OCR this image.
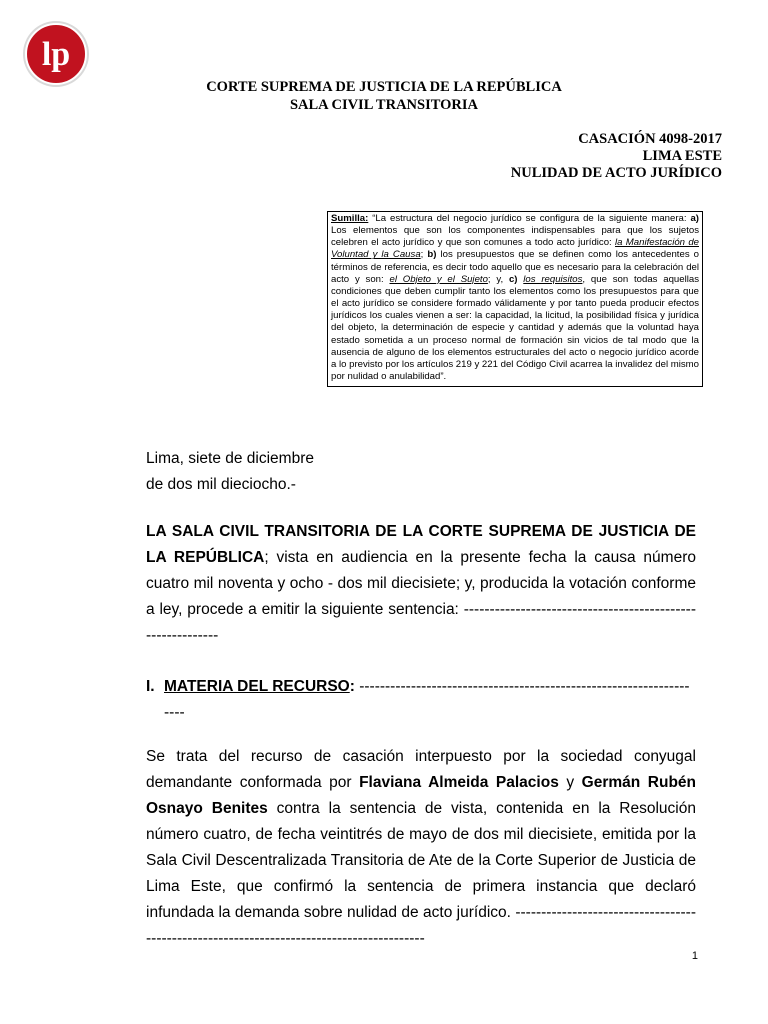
lp
CORTE SUPREMA DE JUSTICIA DE LA REPÚBLICA
SALA CIVIL TRANSITORIA
CASACIÓN 4098-2017
LIMA ESTE
NULIDAD DE ACTO JURÍDICO
Sumilla: “La estructura del negocio jurídico se configura de la siguiente manera: a) Los elementos que son los componentes indispensables para que los sujetos celebren el acto jurídico y que son comunes a todo acto jurídico: la Manifestación de Voluntad y la Causa; b) los presupuestos que se definen como los antecedentes o términos de referencia, es decir todo aquello que es necesario para la celebración del acto y son: el Objeto y el Sujeto; y, c) los requisitos, que son todas aquellas condiciones que deben cumplir tanto los elementos como los presupuestos para que el acto jurídico se considere formado válidamente y por tanto pueda producir efectos jurídicos los cuales vienen a ser: la capacidad, la licitud, la posibilidad física y jurídica del objeto, la determinación de especie y cantidad y además que la voluntad haya estado sometida a un proceso normal de formación sin vicios de tal modo que la ausencia de alguno de los elementos estructurales del acto o negocio jurídico acorde a lo previsto por los artículos 219 y 221 del Código Civil acarrea la invalidez del mismo por nulidad o anulabilidad”.
Lima, siete de diciembre
de dos mil dieciocho.-
LA SALA CIVIL TRANSITORIA DE LA CORTE SUPREMA DE JUSTICIA DE LA REPÚBLICA; vista en audiencia en la presente fecha la causa número cuatro mil noventa y ocho - dos mil diecisiete; y, producida la votación conforme a ley, procede a emitir la siguiente sentencia: -----------------------------------------------------------
I. MATERIA DEL RECURSO: ----------------------------------------------------------------
----
Se trata del recurso de casación interpuesto por la sociedad conyugal demandante conformada por Flaviana Almeida Palacios y Germán Rubén Osnayo Benites contra la sentencia de vista, contenida en la Resolución número cuatro, de fecha veintitrés de mayo de dos mil diecisiete, emitida por la Sala Civil Descentralizada Transitoria de Ate de la Corte Superior de Justicia de Lima Este, que confirmó la sentencia de primera instancia que declaró infundada la demanda sobre nulidad de acto jurídico. -----------------------------------------------------------------------------------------
1
